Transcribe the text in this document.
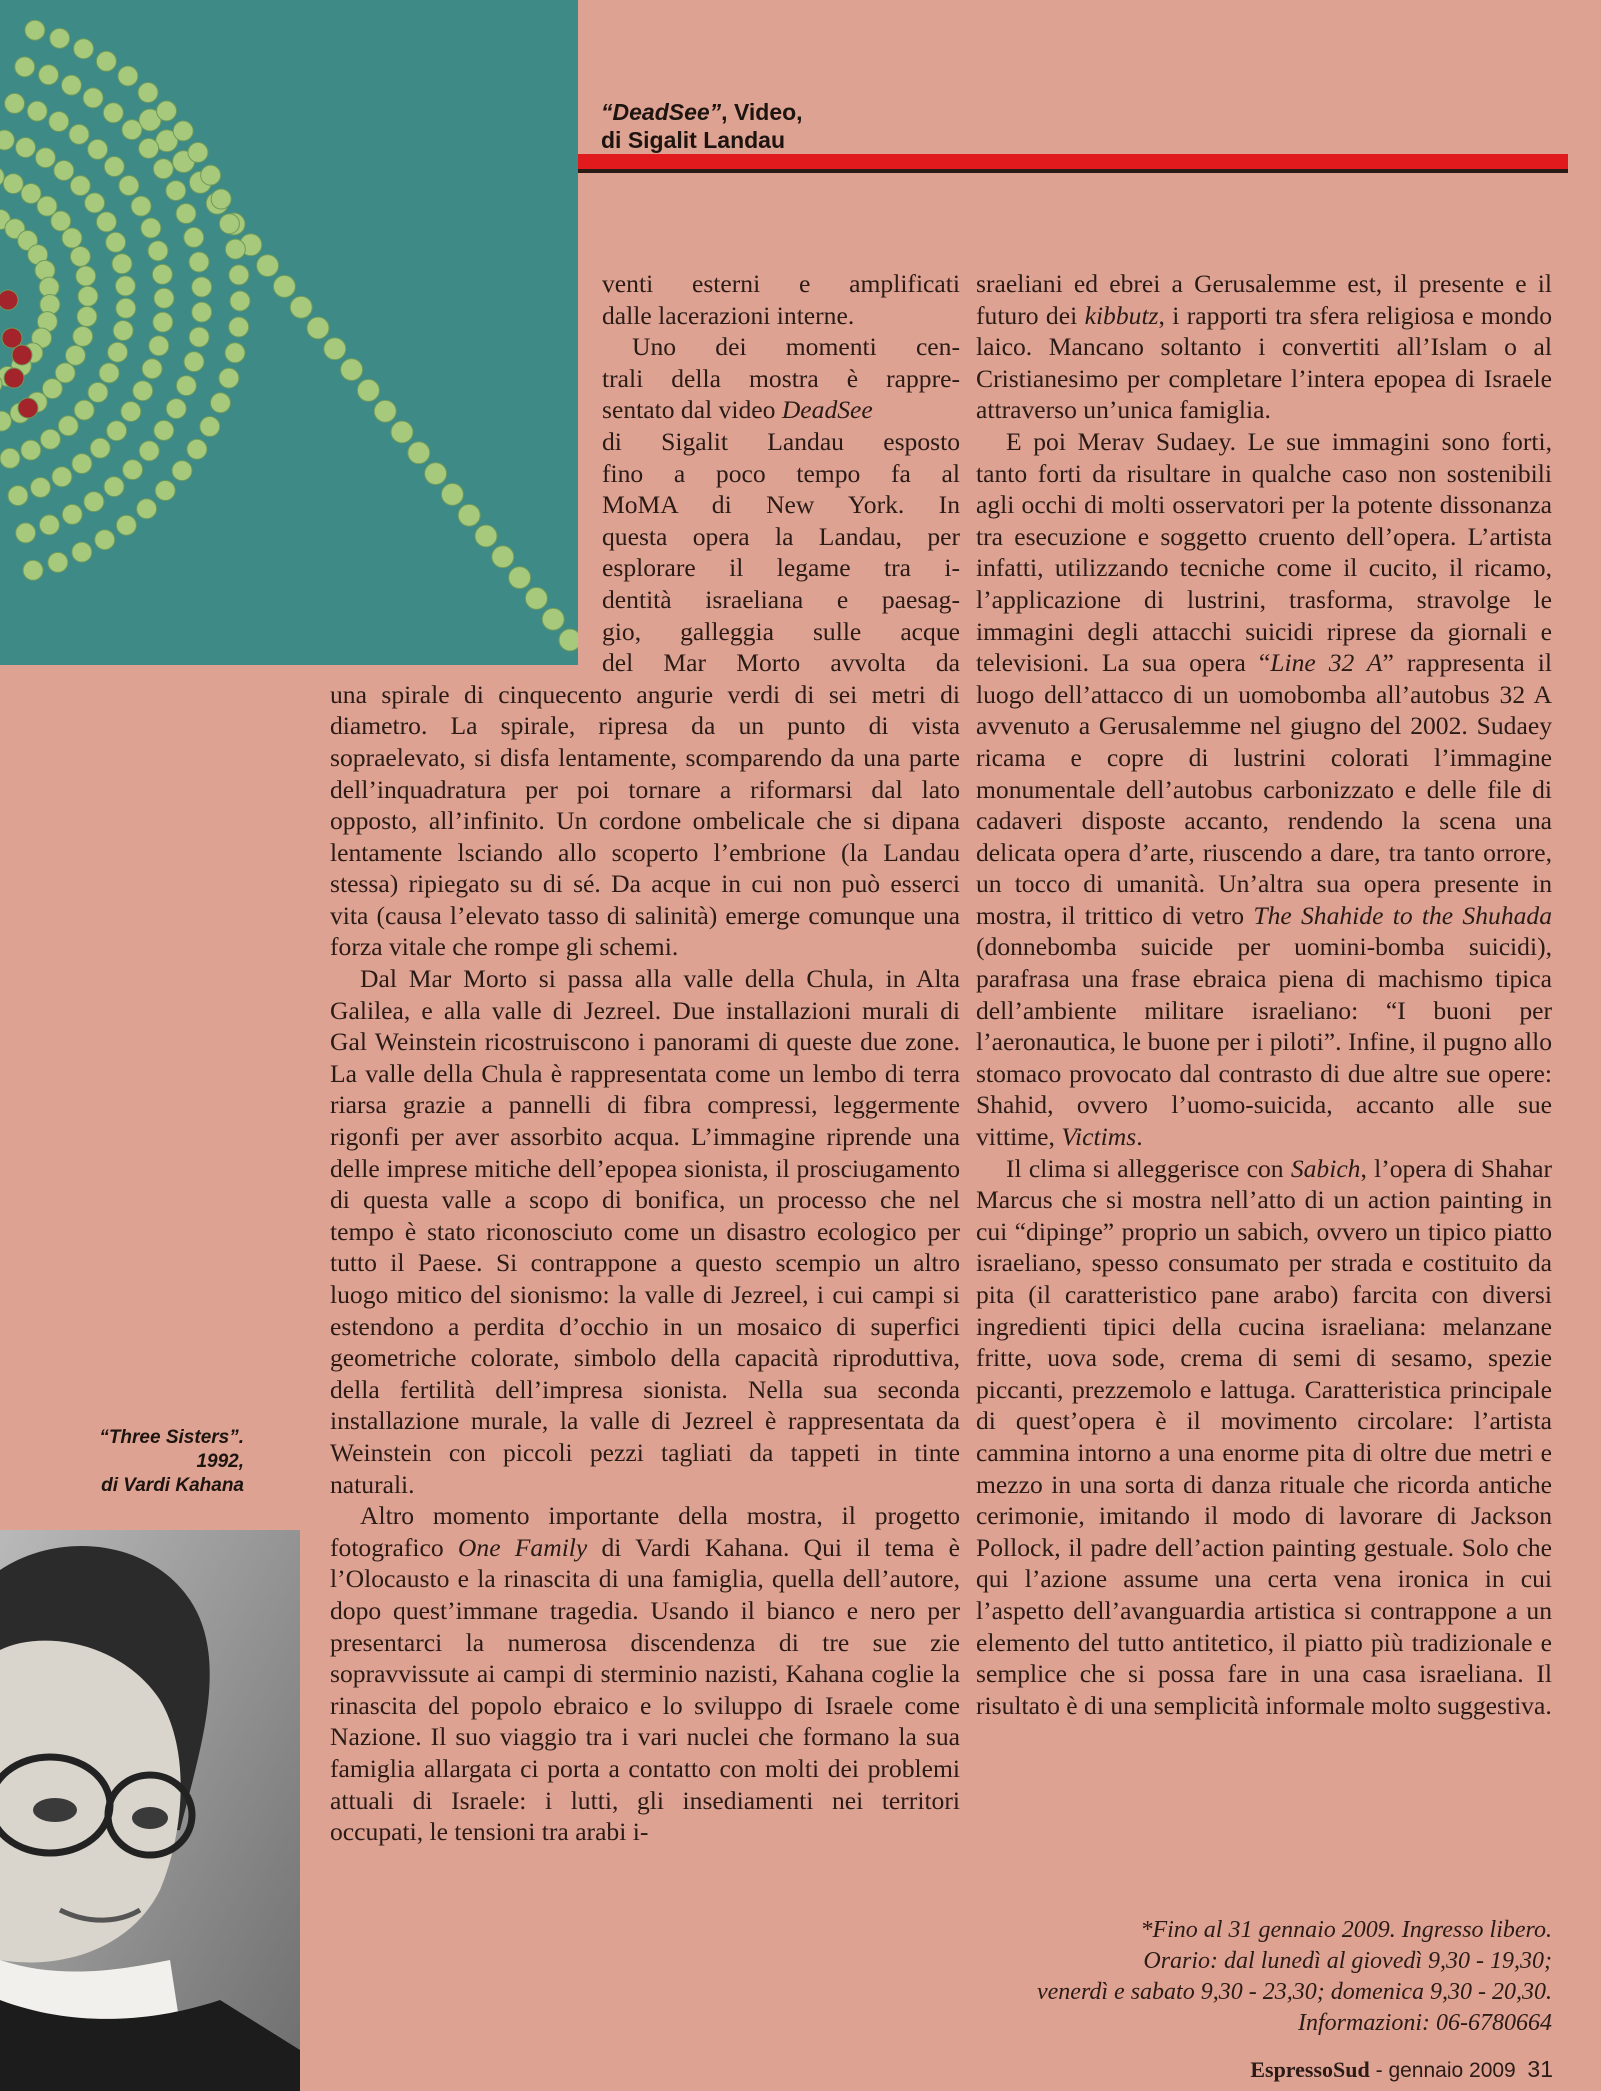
“DeadSee”, Video,
di Sigalit Landau
venti esterni e amplificati
dalle lacerazioni interne.
Uno dei momenti cen-
trali della mostra è rappre-
sentato dal video DeadSee
di Sigalit Landau esposto
fino a poco tempo fa al
MoMA di New York. In
questa opera la Landau, per
esplorare il legame tra i-
dentità israeliana e paesag-
gio, galleggia sulle acque
del Mar Morto avvolta da

una spirale di cinquecento angurie verdi di sei metri di diametro. La spirale, ripresa da un punto di vista sopraelevato, si disfa lentamente, scomparendo da una parte dell’inquadratura per poi tornare a riformarsi dal lato opposto, all’infinito. Un cordone ombelicale che si dipana lentamente lsciando allo scoperto l’embrione (la Landau stessa) ripiegato su di sé. Da acque in cui non può esserci vita (causa l’elevato tasso di salinità) emerge comunque una forza vitale che rompe gli schemi.

Dal Mar Morto si passa alla valle della Chula, in Alta Galilea, e alla valle di Jezreel. Due installazioni murali di Gal Weinstein ricostruiscono i panorami di queste due zone. La valle della Chula è rappresentata come un lembo di terra riarsa grazie a pannelli di fibra compressi, leggermente rigonfi per aver assorbito acqua. L’immagine riprende una delle imprese mitiche dell’epopea sionista, il prosciugamento di questa valle a scopo di bonifica, un processo che nel tempo è stato riconosciuto come un disastro ecologico per tutto il Paese. Si contrappone a questo scempio un altro luogo mitico del sionismo: la valle di Jezreel, i cui campi si estendono a perdita d’occhio in un mosaico di superfici geometriche colorate, simbolo della capacità riproduttiva, della fertilità dell’impresa sionista. Nella sua seconda installazione murale, la valle di Jezreel è rappresentata da Weinstein con piccoli pezzi tagliati da tappeti in tinte naturali.

Altro momento importante della mostra, il progetto fotografico One Family di Vardi Kahana. Qui il tema è l’Olocausto e la rinascita di una famiglia, quella dell’autore, dopo quest’immane tragedia. Usando il bianco e nero per presentarci la numerosa discendenza di tre sue zie sopravvissute ai campi di sterminio nazisti, Kahana coglie la rinascita del popolo ebraico e lo sviluppo di Israele come Nazione. Il suo viaggio tra i vari nuclei che formano la sua famiglia allargata ci porta a contatto con molti dei problemi attuali di Israele: i lutti, gli insediamenti nei territori occupati, le tensioni tra arabi i-

sraeliani ed ebrei a Gerusalemme est, il presente e il futuro dei kibbutz, i rapporti tra sfera religiosa e mondo laico. Mancano soltanto i convertiti all’Islam o al Cristianesimo per completare l’intera epopea di Israele attraverso un’unica famiglia.

E poi Merav Sudaey. Le sue immagini sono forti, tanto forti da risultare in qualche caso non sostenibili agli occhi di molti osservatori per la potente dissonanza tra esecuzione e soggetto cruento dell’opera. L’artista infatti, utilizzando tecniche come il cucito, il ricamo, l’applicazione di lustrini, trasforma, stravolge le immagini degli attacchi suicidi riprese da giornali e televisioni. La sua opera “Line 32 A” rappresenta il luogo dell’attacco di un uomobomba all’autobus 32 A avvenuto a Gerusalemme nel giugno del 2002. Sudaey ricama e copre di lustrini colorati l’immagine monumentale dell’autobus carbonizzato e delle file di cadaveri disposte accanto, rendendo la scena una delicata opera d’arte, riuscendo a dare, tra tanto orrore, un tocco di umanità. Un’altra sua opera presente in mostra, il trittico di vetro The Shahide to the Shuhada (donnebomba suicide per uomini-bomba suicidi), parafrasa una frase ebraica piena di machismo tipica dell’ambiente militare israeliano: “I buoni per l’aeronautica, le buone per i piloti”. Infine, il pugno allo stomaco provocato dal contrasto di due altre sue opere: Shahid, ovvero l’uomo-suicida, accanto alle sue vittime, Victims.

Il clima si alleggerisce con Sabich, l’opera di Shahar Marcus che si mostra nell’atto di un action painting in cui “dipinge” proprio un sabich, ovvero un tipico piatto israeliano, spesso consumato per strada e costituito da pita (il caratteristico pane arabo) farcita con diversi ingredienti tipici della cucina israeliana: melanzane fritte, uova sode, crema di semi di sesamo, spezie piccanti, prezzemolo e lattuga. Caratteristica principale di quest’opera è il movimento circolare: l’artista cammina intorno a una enorme pita di oltre due metri e mezzo in una sorta di danza rituale che ricorda antiche cerimonie, imitando il modo di lavorare di Jackson Pollock, il padre dell’action painting gestuale. Solo che qui l’azione assume una certa vena ironica in cui l’aspetto dell’avanguardia artistica si contrappone a un elemento del tutto antitetico, il piatto più tradizionale e semplice che si possa fare in una casa israeliana. Il risultato è di una semplicità informale molto suggestiva.

“Three Sisters”.
1992,
di Vardi Kahana
*Fino al 31 gennaio 2009. Ingresso libero.
Orario: dal lunedì al giovedì 9,30 - 19,30;
venerdì e sabato 9,30 - 23,30; domenica 9,30 - 20,30.
Informazioni: 06-6780664
EspressoSud - gennaio 2009 31
